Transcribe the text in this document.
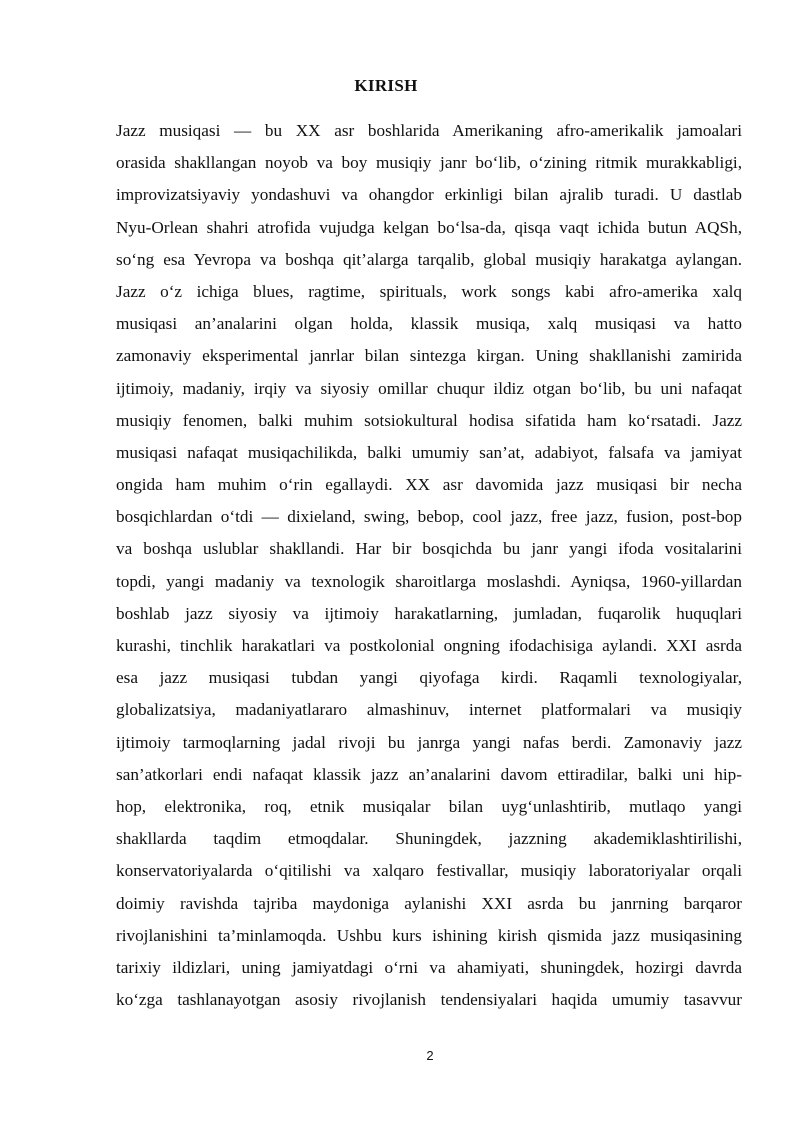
KIRISH
Jazz musiqasi — bu XX asr boshlarida Amerikaning afro-amerikalik jamoalari
orasida shakllangan noyob va boy musiqiy janr bo‘lib, o‘zining ritmik murakkabligi,
improvizatsiyaviy yondashuvi va ohangdor erkinligi bilan ajralib turadi. U dastlab
Nyu-Orlean shahri atrofida vujudga kelgan bo‘lsa-da, qisqa vaqt ichida butun AQSh,
so‘ng esa Yevropa va boshqa qit’alarga tarqalib, global musiqiy harakatga aylangan.
Jazz o‘z ichiga blues, ragtime, spirituals, work songs kabi afro-amerika xalq
musiqasi an’analarini olgan holda, klassik musiqa, xalq musiqasi va hatto
zamonaviy eksperimental janrlar bilan sintezga kirgan. Uning shakllanishi zamirida
ijtimoiy, madaniy, irqiy va siyosiy omillar chuqur ildiz otgan bo‘lib, bu uni nafaqat
musiqiy fenomen, balki muhim sotsiokultural hodisa sifatida ham ko‘rsatadi. Jazz
musiqasi nafaqat musiqachilikda, balki umumiy san’at, adabiyot, falsafa va jamiyat
ongida ham muhim o‘rin egallaydi. XX asr davomida jazz musiqasi bir necha
bosqichlardan o‘tdi — dixieland, swing, bebop, cool jazz, free jazz, fusion, post-bop
va boshqa uslublar shakllandi. Har bir bosqichda bu janr yangi ifoda vositalarini
topdi, yangi madaniy va texnologik sharoitlarga moslashdi. Ayniqsa, 1960-yillardan
boshlab jazz siyosiy va ijtimoiy harakatlarning, jumladan, fuqarolik huquqlari
kurashi, tinchlik harakatlari va postkolonial ongning ifodachisiga aylandi. XXI asrda
esa jazz musiqasi tubdan yangi qiyofaga kirdi. Raqamli texnologiyalar,
globalizatsiya, madaniyatlararo almashinuv, internet platformalari va musiqiy
ijtimoiy tarmoqlarning jadal rivoji bu janrga yangi nafas berdi. Zamonaviy jazz
san’atkorlari endi nafaqat klassik jazz an’analarini davom ettiradilar, balki uni hip-
hop, elektronika, roq, etnik musiqalar bilan uyg‘unlashtirib, mutlaqo yangi
shakllarda taqdim etmoqdalar. Shuningdek, jazzning akademiklashtirilishi,
konservatoriyalarda o‘qitilishi va xalqaro festivallar, musiqiy laboratoriyalar orqali
doimiy ravishda tajriba maydoniga aylanishi XXI asrda bu janrning barqaror
rivojlanishini ta’minlamoqda. Ushbu kurs ishining kirish qismida jazz musiqasining
tarixiy ildizlari, uning jamiyatdagi o‘rni va ahamiyati, shuningdek, hozirgi davrda
ko‘zga tashlanayotgan asosiy rivojlanish tendensiyalari haqida umumiy tasavvur
2
